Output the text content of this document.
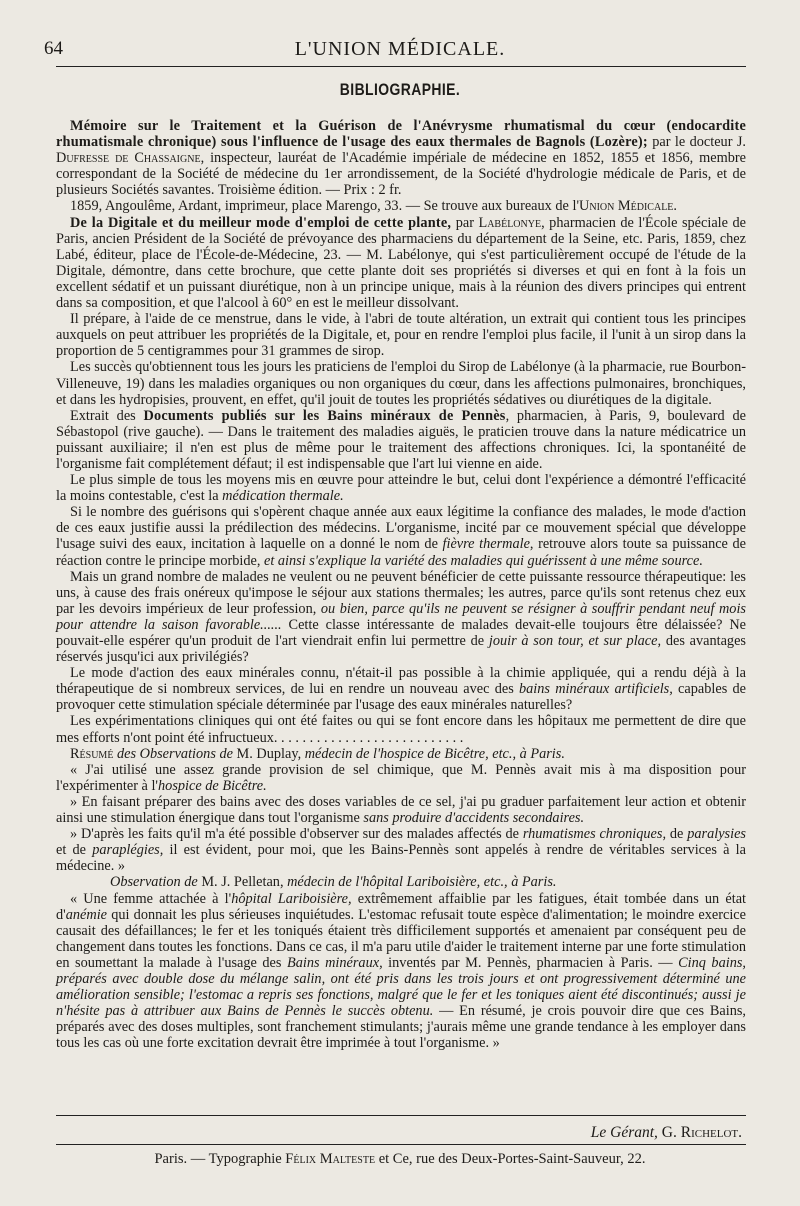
64	L'UNION MÉDICALE.
BIBLIOGRAPHIE.

Mémoire sur le Traitement et la Guérison de l'Anévrysme rhumatismal du cœur (endocardite rhumatismale chronique) sous l'influence de l'usage des eaux thermales de Bagnols (Lozère); par le docteur J. Dufresse de Chassaigne, inspecteur, lauréat de l'Académie impériale de médecine en 1852, 1855 et 1856, membre correspondant de la Société de médecine du 1er arrondissement, de la Société d'hydrologie médicale de Paris, et de plusieurs Sociétés savantes. Troisième édition. — Prix : 2 fr.

1859, Angoulême, Ardant, imprimeur, place Marengo, 33. — Se trouve aux bureaux de l'Union Médicale.

De la Digitale et du meilleur mode d'emploi de cette plante, par Labélonye, pharmacien de l'École spéciale de Paris, ancien Président de la Société de prévoyance des pharmaciens du département de la Seine, etc. Paris, 1859, chez Labé, éditeur, place de l'École-de-Médecine, 23. — M. Labélonye, qui s'est particulièrement occupé de l'étude de la Digitale, démontre, dans cette brochure, que cette plante doit ses propriétés si diverses et qui en font à la fois un excellent sédatif et un puissant diurétique, non à un principe unique, mais à la réunion des divers principes qui entrent dans sa composition, et que l'alcool à 60° en est le meilleur dissolvant.

Il prépare, à l'aide de ce menstrue, dans le vide, à l'abri de toute altération, un extrait qui contient tous les principes auxquels on peut attribuer les propriétés de la Digitale, et, pour en rendre l'emploi plus facile, il l'unit à un sirop dans la proportion de 5 centigrammes pour 31 grammes de sirop.

Les succès qu'obtiennent tous les jours les praticiens de l'emploi du Sirop de Labélonye (à la pharmacie, rue Bourbon-Villeneuve, 19) dans les maladies organiques ou non organiques du cœur, dans les affections pulmonaires, bronchiques, et dans les hydropisies, prouvent, en effet, qu'il jouit de toutes les propriétés sédatives ou diurétiques de la digitale.

Extrait des Documents publiés sur les Bains minéraux de Pennès, pharmacien, à Paris, 9, boulevard de Sébastopol (rive gauche). — Dans le traitement des maladies aiguës, le praticien trouve dans la nature médicatrice un puissant auxiliaire; il n'en est plus de même pour le traitement des affections chroniques. Ici, la spontanéité de l'organisme fait complétement défaut; il est indispensable que l'art lui vienne en aide.

Le plus simple de tous les moyens mis en œuvre pour atteindre le but, celui dont l'expérience a démontré l'efficacité la moins contestable, c'est la médication thermale.

Si le nombre des guérisons qui s'opèrent chaque année aux eaux légitime la confiance des malades, le mode d'action de ces eaux justifie aussi la prédilection des médecins. L'organisme, incité par ce mouvement spécial que développe l'usage suivi des eaux, incitation à laquelle on a donné le nom de fièvre thermale, retrouve alors toute sa puissance de réaction contre le principe morbide, et ainsi s'explique la variété des maladies qui guérissent à une même source.

Mais un grand nombre de malades ne veulent ou ne peuvent bénéficier de cette puissante ressource thérapeutique: les uns, à cause des frais onéreux qu'impose le séjour aux stations thermales; les autres, parce qu'ils sont retenus chez eux par les devoirs impérieux de leur profession, ou bien, parce qu'ils ne peuvent se résigner à souffrir pendant neuf mois pour attendre la saison favorable...... Cette classe intéressante de malades devait-elle toujours être délaissée? Ne pouvait-elle espérer qu'un produit de l'art viendrait enfin lui permettre de jouir à son tour, et sur place, des avantages réservés jusqu'ici aux privilégiés?

Le mode d'action des eaux minérales connu, n'était-il pas possible à la chimie appliquée, qui a rendu déjà à la thérapeutique de si nombreux services, de lui en rendre un nouveau avec des bains minéraux artificiels, capables de provoquer cette stimulation spéciale déterminée par l'usage des eaux minérales naturelles?

Les expérimentations cliniques qui ont été faites ou qui se font encore dans les hôpitaux me permettent de dire que mes efforts n'ont point été infructueux. . . . . . . . . . . . . . . . . . . . . . . . . . .

Résumé des Observations de M. Duplay, médecin de l'hospice de Bicêtre, etc., à Paris.

« J'ai utilisé une assez grande provision de sel chimique, que M. Pennès avait mis à ma disposition pour l'expérimenter à l'hospice de Bicêtre.

» En faisant préparer des bains avec des doses variables de ce sel, j'ai pu graduer parfaitement leur action et obtenir ainsi une stimulation énergique dans tout l'organisme sans produire d'accidents secondaires.

» D'après les faits qu'il m'a été possible d'observer sur des malades affectés de rhumatismes chroniques, de paralysies et de paraplégies, il est évident, pour moi, que les Bains-Pennès sont appelés à rendre de véritables services à la médecine. »

Observation de M. J. Pelletan, médecin de l'hôpital Lariboisière, etc., à Paris.

« Une femme attachée à l'hôpital Lariboisière, extrêmement affaiblie par les fatigues, était tombée dans un état d'anémie qui donnait les plus sérieuses inquiétudes. L'estomac refusait toute espèce d'alimentation; le moindre exercice causait des défaillances; le fer et les toniqués étaient très difficilement supportés et amenaient par conséquent peu de changement dans toutes les fonctions. Dans ce cas, il m'a paru utile d'aider le traitement interne par une forte stimulation en soumettant la malade à l'usage des Bains minéraux, inventés par M. Pennès, pharmacien à Paris. — Cinq bains, préparés avec double dose du mélange salin, ont été pris dans les trois jours et ont progressivement déterminé une amélioration sensible; l'estomac a repris ses fonctions, malgré que le fer et les toniques aient été discontinués; aussi je n'hésite pas à attribuer aux Bains de Pennès le succès obtenu. — En résumé, je crois pouvoir dire que ces Bains, préparés avec des doses multiples, sont franchement stimulants; j'aurais même une grande tendance à les employer dans tous les cas où une forte excitation devrait être imprimée à tout l'organisme. »

Le Gérant, G. Richelot.
Paris. — Typographie Félix Malteste et Ce, rue des Deux-Portes-Saint-Sauveur, 22.
